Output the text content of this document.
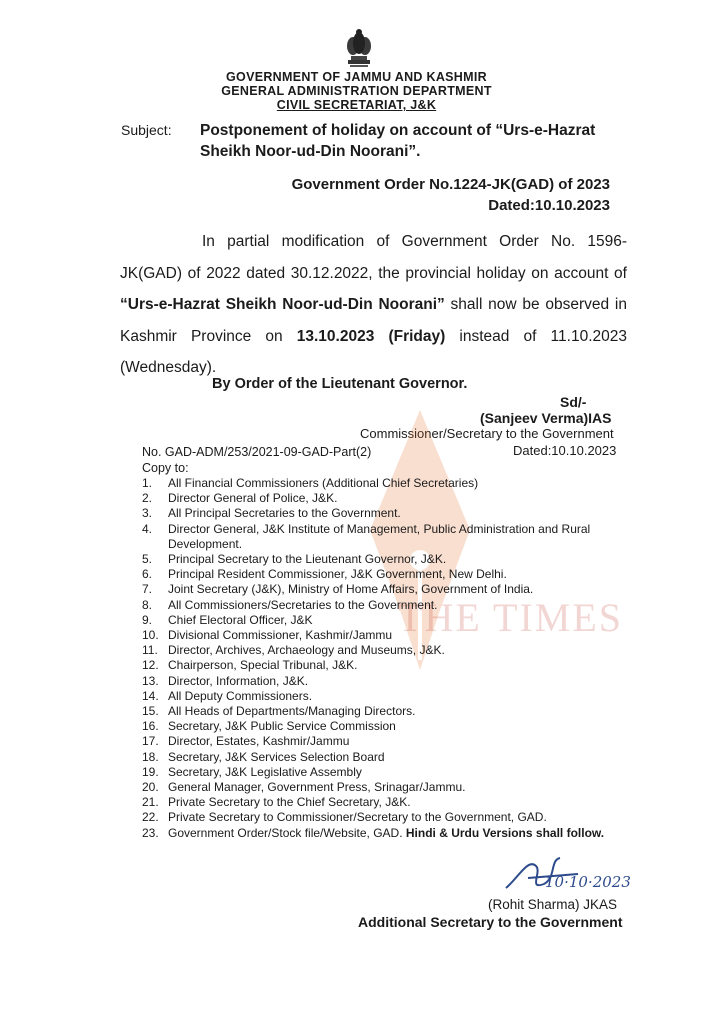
GOVERNMENT OF JAMMU AND KASHMIR
GENERAL ADMINISTRATION DEPARTMENT
CIVIL SECRETARIAT, J&K
Subject: Postponement of holiday on account of “Urs-e-Hazrat Sheikh Noor-ud-Din Noorani”.
Government Order No.1224-JK(GAD) of 2023
Dated:10.10.2023
In partial modification of Government Order No. 1596-JK(GAD) of 2022 dated 30.12.2022, the provincial holiday on account of “Urs-e-Hazrat Sheikh Noor-ud-Din Noorani” shall now be observed in Kashmir Province on 13.10.2023 (Friday) instead of 11.10.2023 (Wednesday).
By Order of the Lieutenant Governor.
Sd/-
(Sanjeev Verma)IAS
Commissioner/Secretary to the Government
No. GAD-ADM/253/2021-09-GAD-Part(2)	Dated:10.10.2023
Copy to:
THE TIMES
1.	All Financial Commissioners (Additional Chief Secretaries)
2.	Director General of Police, J&K.
3.	All Principal Secretaries to the Government.
4.	Director General, J&K Institute of Management, Public Administration and Rural Development.
5.	Principal Secretary to the Lieutenant Governor, J&K.
6.	Principal Resident Commissioner, J&K Government, New Delhi.
7.	Joint Secretary (J&K), Ministry of Home Affairs, Government of India.
8.	All Commissioners/Secretaries to the Government.
9.	Chief Electoral Officer, J&K
10. Divisional Commissioner, Kashmir/Jammu
11. Director, Archives, Archaeology and Museums, J&K.
12. Chairperson, Special Tribunal, J&K.
13. Director, Information, J&K.
14. All Deputy Commissioners.
15. All Heads of Departments/Managing Directors.
16. Secretary, J&K Public Service Commission
17. Director, Estates, Kashmir/Jammu
18. Secretary, J&K Services Selection Board
19. Secretary, J&K Legislative Assembly
20. General Manager, Government Press, Srinagar/Jammu.
21. Private Secretary to the Chief Secretary, J&K.
22. Private Secretary to Commissioner/Secretary to the Government, GAD.
23. Government Order/Stock file/Website, GAD. Hindi & Urdu Versions shall follow.
10·10·2023
(Rohit Sharma) JKAS
Additional Secretary to the Government
